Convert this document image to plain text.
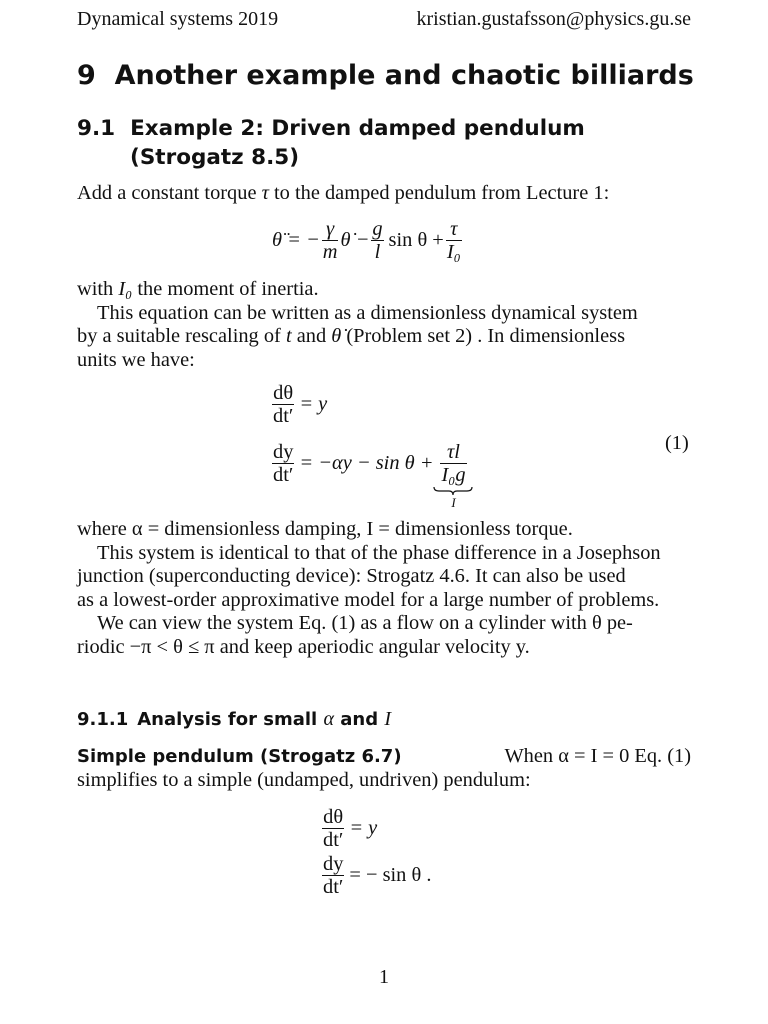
Dynamical systems 2019	kristian.gustafsson@physics.gu.se
9 Another example and chaotic billiards
9.1 Example 2: Driven damped pendulum
(Strogatz 8.5)
Add a constant torque τ to the damped pendulum from Lecture 1:
θ̈ = − $\frac{\gamma}{m}$ θ̇ − $\frac{g}{l}$ $\sin \theta + \frac{\tau}{\text{I₀}}$
with I₀ the moment of inertia.
This equation can be written as a dimensionless dynamical system
by a suitable rescaling of t and θ̇ (Problem set 2) . In dimensionless
units we have:
$\frac{d\theta}{dt'} = y$
$\frac{dy}{dt'} = -\alpha y - \sin \theta + \frac{\tau l}{\text{I₀g}}$
I
(1)
where α = dimensionless damping, I = dimensionless torque.
This system is identical to that of the phase difference in a Josephson
junction (superconducting device): Strogatz 4.6. It can also be used
as a lowest-order approximative model for a large number of problems.
We can view the system Eq. (1) as a flow on a cylinder with θ pe-
riodic −π < θ ≤ π and keep aperiodic angular velocity y.
9.1.1 Analysis for small α and I
Simple pendulum (Strogatz 6.7)	When α = I = 0 Eq. (1)
simplifies to a simple (undamped, undriven) pendulum:
$\frac{d\theta}{dt'} = y$
$\frac{dy}{dt'}$ = − sin θ .
1
